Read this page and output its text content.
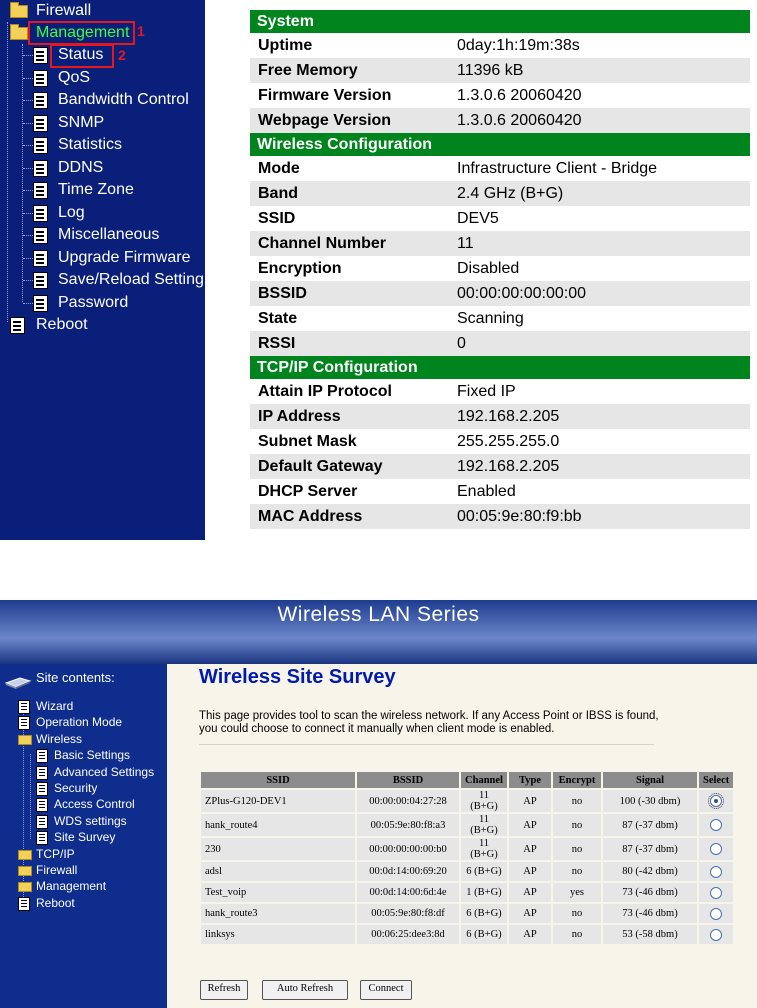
Firewall
Management 1
Status
QoS
Bandwidth Control
SNMP
Statistics
DDNS
Time Zone
Log
Miscellaneous
Upgrade Firmware
Save/Reload Setting
Password
2
Reboot
System
Uptime	0day:1h:19m:38s
Free Memory	11396 kB
Firmware Version	1.3.0.6 20060420
Webpage Version	1.3.0.6 20060420
Wireless Configuration
Mode	Infrastructure Client - Bridge
Band	2.4 GHz (B+G)
SSID	DEV5
Channel Number	11
Encryption	Disabled
BSSID	00:00:00:00:00:00
State	Scanning
RSSI	0
TCP/IP Configuration
Attain IP Protocol	Fixed IP
IP Address	192.168.2.205
Subnet Mask	255.255.255.0
Default Gateway	192.168.2.205
DHCP Server	Enabled
MAC Address	00:05:9e:80:f9:bb
Wireless LAN Series
Site contents:
Wizard
Operation Mode
Wireless
Basic Settings
Advanced Settings
Security
Access Control
WDS settings
Site Survey
TCP/IP
Firewall
Management
Reboot
Wireless Site Survey
This page provides tool to scan the wireless network. If any Access Point or IBSS is found, you could choose to connect it manually when client mode is enabled.
SSID	BSSID	Channel	Type	Encrypt	Signal	Select
ZPlus-G120-DEV1	00:00:00:04:27:28	11 (B+G)	AP	no	100 (-30 dbm)	
hank_route4	00:05:9e:80:f8:a3	11 (B+G)	AP	no	87 (-37 dbm)	
230	00:00:00:00:00:b0	11 (B+G)	AP	no	87 (-37 dbm)	
adsl	00:0d:14:00:69:20	6 (B+G)	AP	no	80 (-42 dbm)	
Test_voip	00:0d:14:00:6d:4e	1 (B+G)	AP	yes	73 (-46 dbm)	
hank_route3	00:05:9e:80:f8:df	6 (B+G)	AP	no	73 (-46 dbm)	
linksys	00:06:25:dee3:8d	6 (B+G)	AP	no	53 (-58 dbm)	
Refresh	Auto Refresh	Connect
